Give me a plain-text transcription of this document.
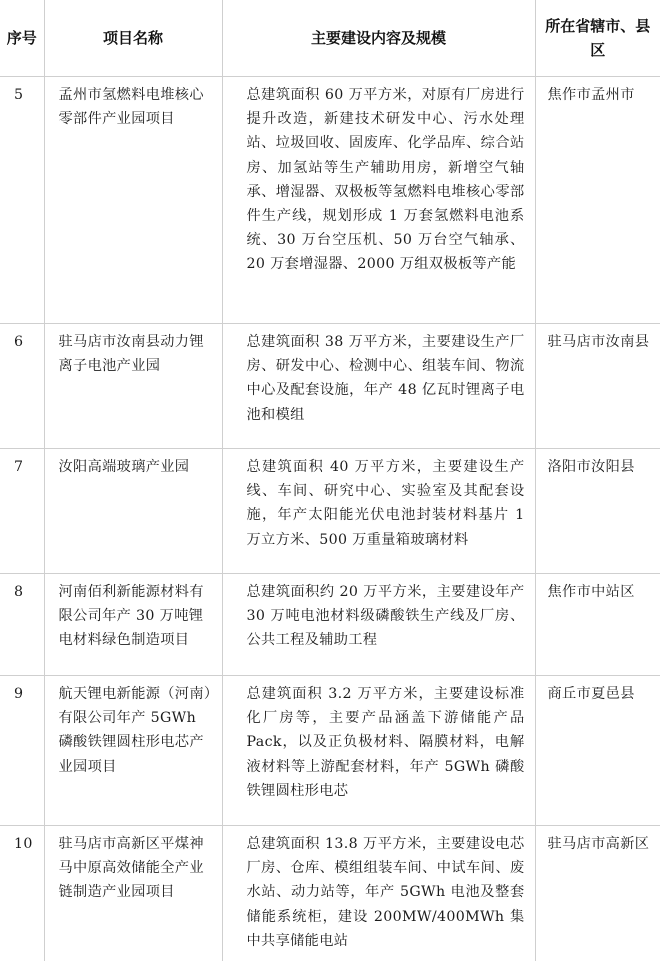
序号	项目名称	主要建设内容及规模	所在省辖市、县区
5	孟州市氢燃料电堆核心零部件产业园项目	总建筑面积 60 万平方米，对原有厂房进行提升改造，新建技术研发中心、污水处理站、垃圾回收、固废库、化学品库、综合站房、加氢站等生产辅助用房，新增空气轴承、增湿器、双极板等氢燃料电堆核心零部件生产线，规划形成 1 万套氢燃料电池系统、30 万台空压机、50 万台空气轴承、20 万套增湿器、2000 万组双极板等产能	焦作市孟州市
6	驻马店市汝南县动力锂离子电池产业园	总建筑面积 38 万平方米，主要建设生产厂房、研发中心、检测中心、组装车间、物流中心及配套设施，年产 48 亿瓦时锂离子电池和模组	驻马店市汝南县
7	汝阳高端玻璃产业园	总建筑面积 40 万平方米，主要建设生产线、车间、研究中心、实验室及其配套设施，年产太阳能光伏电池封装材料基片 1 万立方米、500 万重量箱玻璃材料	洛阳市汝阳县
8	河南佰利新能源材料有限公司年产 30 万吨锂电材料绿色制造项目	总建筑面积约 20 万平方米，主要建设年产 30 万吨电池材料级磷酸铁生产线及厂房、公共工程及辅助工程	焦作市中站区
9	航天锂电新能源（河南）有限公司年产 5GWh 磷酸铁锂圆柱形电芯产业园项目	总建筑面积 3.2 万平方米，主要建设标准化厂房等，主要产品涵盖下游储能产品 Pack，以及正负极材料、隔膜材料，电解液材料等上游配套材料，年产 5GWh 磷酸铁锂圆柱形电芯	商丘市夏邑县
10	驻马店市高新区平煤神马中原高效储能全产业链制造产业园项目	总建筑面积 13.8 万平方米，主要建设电芯厂房、仓库、模组组装车间、中试车间、废水站、动力站等，年产 5GWh 电池及整套储能系统柜，建设 200MW/400MWh 集中共享储能电站	驻马店市高新区
